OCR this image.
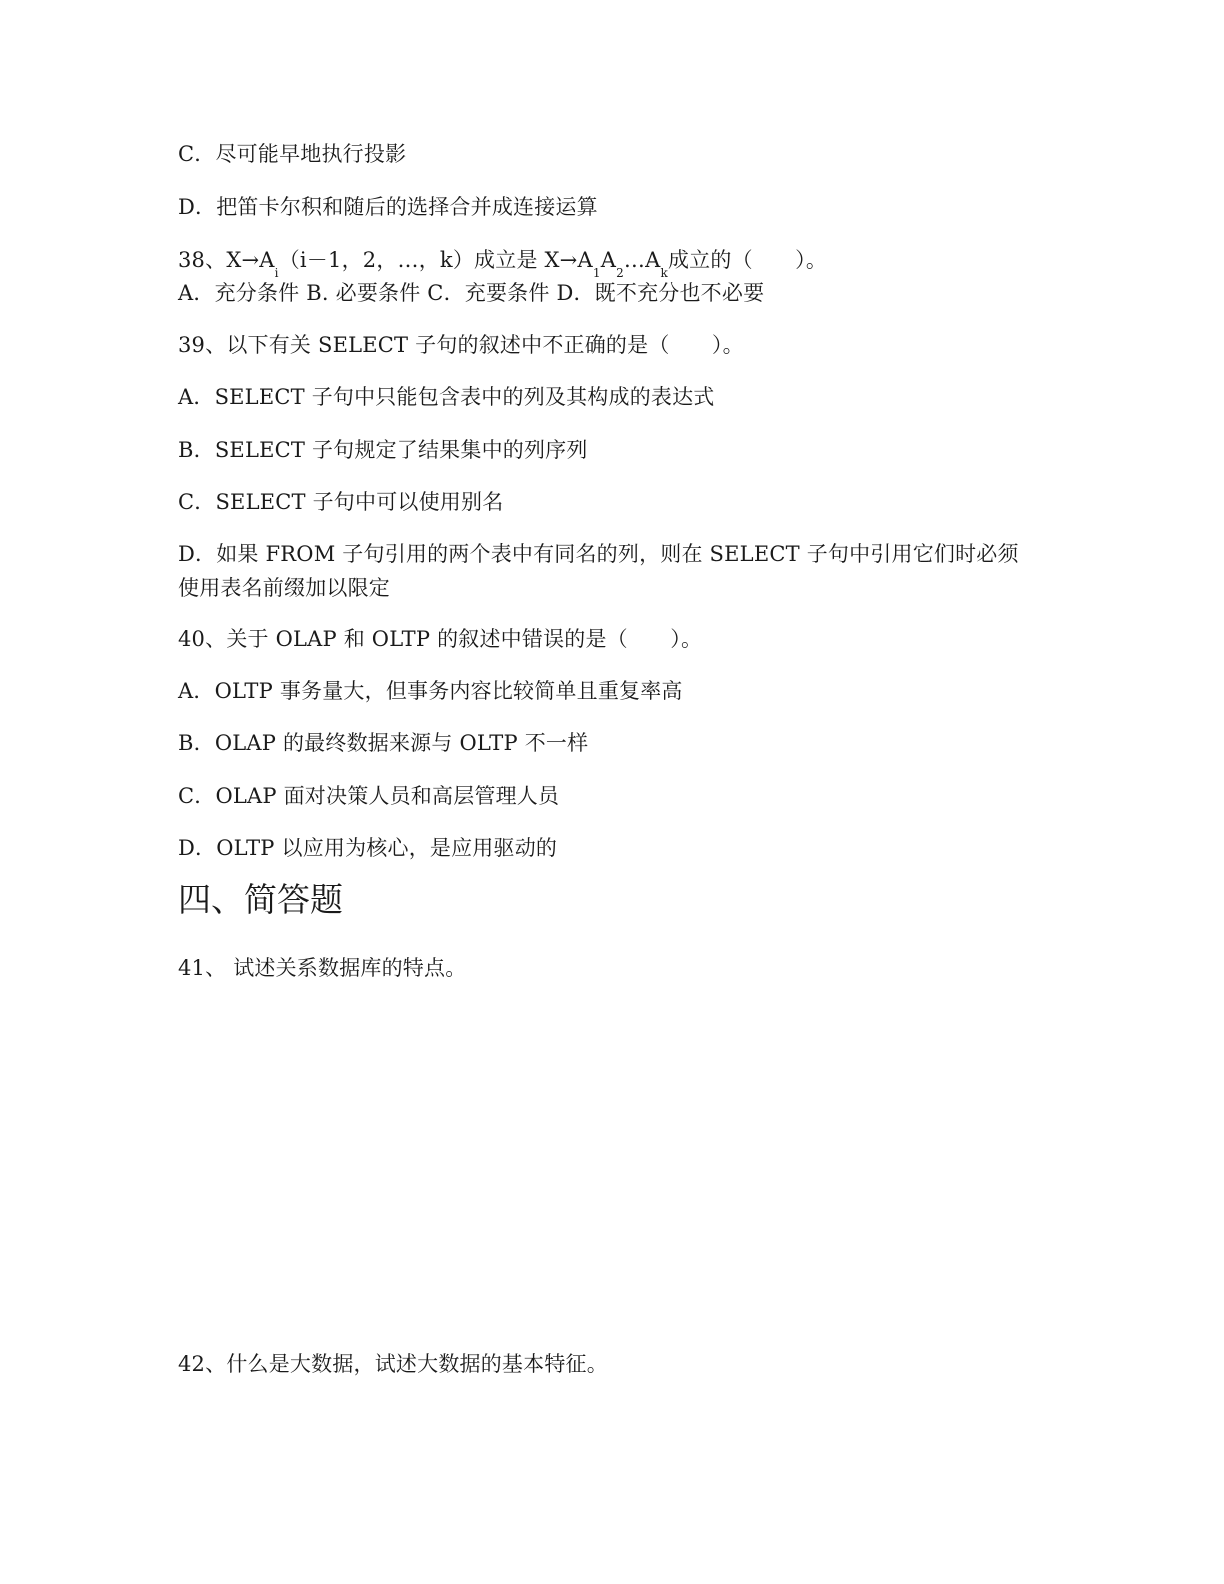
C．尽可能早地执行投影
D．把笛卡尔积和随后的选择合并成连接运算
38、$X\to A_i(i-1$，2，…，k）成立是 $X\to A_1A_2\dots A_k$成立的（　　）。
A．充分条件 B. 必要条件 C．充要条件 D．既不充分也不必要
39、以下有关 SELECT 子句的叙述中不正确的是（　　）。
A．SELECT 子句中只能包含表中的列及其构成的表达式
B．SELECT 子句规定了结果集中的列序列
C．SELECT 子句中可以使用别名
D．如果 FROM 子句引用的两个表中有同名的列，则在 SELECT 子句中引用它们时必须使用表名前缀加以限定
40、关于 OLAP 和 OLTP 的叙述中错误的是（　　）。
A．OLTP 事务量大，但事务内容比较简单且重复率高
B．OLAP 的最终数据来源与 OLTP 不一样
C．OLAP 面对决策人员和高层管理人员
D．OLTP 以应用为核心，是应用驱动的
四、简答题
41、 试述关系数据库的特点。
42、什么是大数据，试述大数据的基本特征。
